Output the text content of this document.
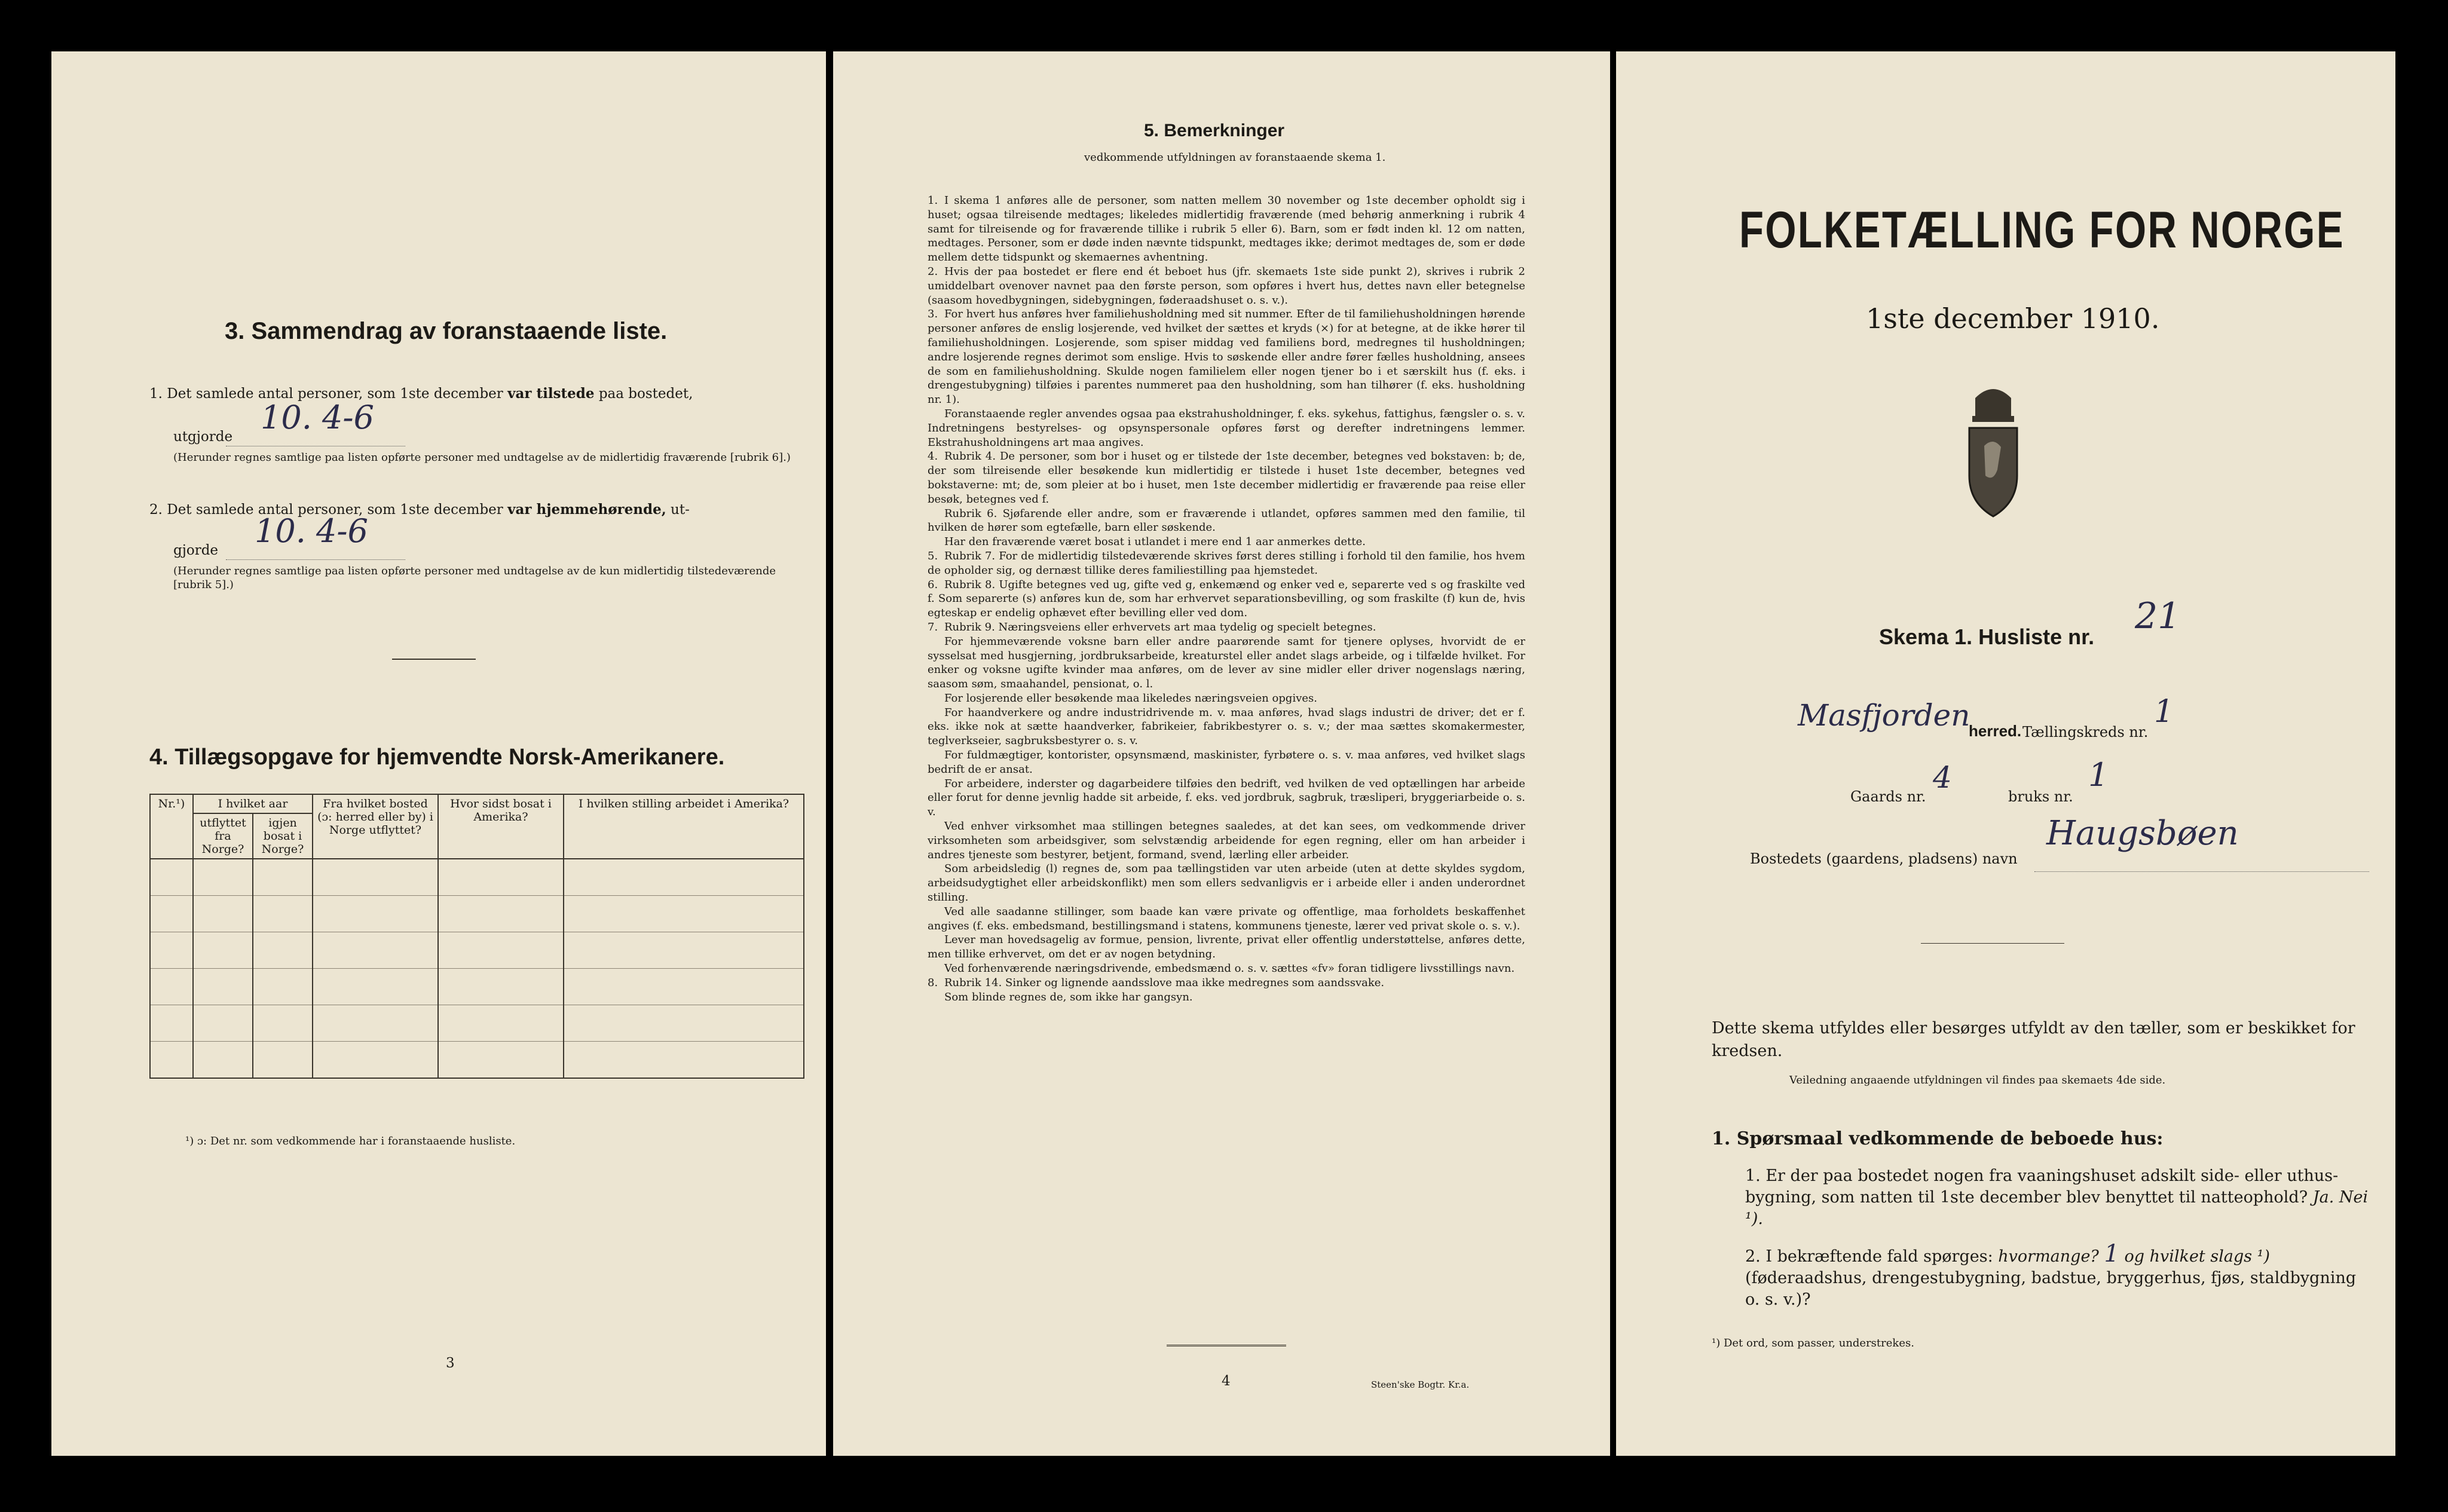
3. Sammendrag av foranstaaende liste.
1. Det samlede antal personer, som 1ste december var tilstede paa bostedet,
utgjorde
10. 4-6
(Herunder regnes samtlige paa listen opførte personer med undtagelse av de midlertidig fraværende [rubrik 6].)
2. Det samlede antal personer, som 1ste december var hjemmehørende, ut-
gjorde
10. 4-6
(Herunder regnes samtlige paa listen opførte personer med undtagelse av de kun midlertidig tilstedeværende [rubrik 5].)
4. Tillægsopgave for hjemvendte Norsk-Amerikanere.
Nr.¹)	I hvilket aar		Fra hvilket bosted (ɔ: herred eller by) i Norge utflyttet?	Hvor sidst bosat i Amerika?	I hvilken stilling arbeidet i Amerika?
	utflyttet fra Norge?	igjen bosat i Norge?			

¹) ɔ: Det nr. som vedkommende har i foranstaaende husliste.
3
5. Bemerkninger
vedkommende utfyldningen av foranstaaende skema 1.

1. I skema 1 anføres alle de personer, som natten mellem 30 november og 1ste december opholdt sig i huset; ogsaa tilreisende medtages; likeledes midlertidig fraværende (med behørig anmerkning i rubrik 4 samt for tilreisende og for fraværende tillike i rubrik 5 eller 6). Barn, som er født inden kl. 12 om natten, medtages. Personer, som er døde inden nævnte tidspunkt, medtages ikke; derimot medtages de, som er døde mellem dette tidspunkt og skemaernes avhentning.

2. Hvis der paa bostedet er flere end ét beboet hus (jfr. skemaets 1ste side punkt 2), skrives i rubrik 2 umiddelbart ovenover navnet paa den første person, som opføres i hvert hus, dettes navn eller betegnelse (saasom hovedbygningen, sidebygningen, føderaadshuset o. s. v.).

3. For hvert hus anføres hver familiehusholdning med sit nummer. Efter de til familiehusholdningen hørende personer anføres de enslig losjerende, ved hvilket der sættes et kryds (×) for at betegne, at de ikke hører til familiehusholdningen. Losjerende, som spiser middag ved familiens bord, medregnes til husholdningen; andre losjerende regnes derimot som enslige. Hvis to søskende eller andre fører fælles husholdning, ansees de som en familiehusholdning. Skulde nogen familielem eller nogen tjener bo i et særskilt hus (f. eks. i drengestubygning) tilføies i parentes nummeret paa den husholdning, som han tilhører (f. eks. husholdning nr. 1).

Foranstaaende regler anvendes ogsaa paa ekstrahusholdninger, f. eks. sykehus, fattighus, fængsler o. s. v. Indretningens bestyrelses- og opsynspersonale opføres først og derefter indretningens lemmer. Ekstrahusholdningens art maa angives.

4. Rubrik 4. De personer, som bor i huset og er tilstede der 1ste december, betegnes ved bokstaven: b; de, der som tilreisende eller besøkende kun midlertidig er tilstede i huset 1ste december, betegnes ved bokstaverne: mt; de, som pleier at bo i huset, men 1ste december midlertidig er fraværende paa reise eller besøk, betegnes ved f.

Rubrik 6. Sjøfarende eller andre, som er fraværende i utlandet, opføres sammen med den familie, til hvilken de hører som egtefælle, barn eller søskende.

Har den fraværende været bosat i utlandet i mere end 1 aar anmerkes dette.

5. Rubrik 7. For de midlertidig tilstedeværende skrives først deres stilling i forhold til den familie, hos hvem de opholder sig, og dernæst tillike deres familiestilling paa hjemstedet.

6. Rubrik 8. Ugifte betegnes ved ug, gifte ved g, enkemænd og enker ved e, separerte ved s og fraskilte ved f. Som separerte (s) anføres kun de, som har erhvervet separationsbevilling, og som fraskilte (f) kun de, hvis egteskap er endelig ophævet efter bevilling eller ved dom.

7. Rubrik 9. Næringsveiens eller erhvervets art maa tydelig og specielt betegnes.

For hjemmeværende voksne barn eller andre paarørende samt for tjenere oplyses, hvorvidt de er sysselsat med husgjerning, jordbruksarbeide, kreaturstel eller andet slags arbeide, og i tilfælde hvilket. For enker og voksne ugifte kvinder maa anføres, om de lever av sine midler eller driver nogenslags næring, saasom søm, smaahandel, pensionat, o. l.

For losjerende eller besøkende maa likeledes næringsveien opgives.

For haandverkere og andre industridrivende m. v. maa anføres, hvad slags industri de driver; det er f. eks. ikke nok at sætte haandverker, fabrikeier, fabrikbestyrer o. s. v.; der maa sættes skomakermester, teglverkseier, sagbruksbestyrer o. s. v.

For fuldmægtiger, kontorister, opsynsmænd, maskinister, fyrbøtere o. s. v. maa anføres, ved hvilket slags bedrift de er ansat.

For arbeidere, inderster og dagarbeidere tilføies den bedrift, ved hvilken de ved optællingen har arbeide eller forut for denne jevnlig hadde sit arbeide, f. eks. ved jordbruk, sagbruk, træsliperi, bryggeriarbeide o. s. v.

Ved enhver virksomhet maa stillingen betegnes saaledes, at det kan sees, om vedkommende driver virksomheten som arbeidsgiver, som selvstændig arbeidende for egen regning, eller om han arbeider i andres tjeneste som bestyrer, betjent, formand, svend, lærling eller arbeider.

Som arbeidsledig (l) regnes de, som paa tællingstiden var uten arbeide (uten at dette skyldes sygdom, arbeidsudygtighet eller arbeidskonflikt) men som ellers sedvanligvis er i arbeide eller i anden underordnet stilling.

Ved alle saadanne stillinger, som baade kan være private og offentlige, maa forholdets beskaffenhet angives (f. eks. embedsmand, bestillingsmand i statens, kommunens tjeneste, lærer ved privat skole o. s. v.).

Lever man hovedsagelig av formue, pension, livrente, privat eller offentlig understøttelse, anføres dette, men tillike erhvervet, om det er av nogen betydning.

Ved forhenværende næringsdrivende, embedsmænd o. s. v. sættes «fv» foran tidligere livsstillings navn.

8. Rubrik 14. Sinker og lignende aandsslove maa ikke medregnes som aandssvake.

Som blinde regnes de, som ikke har gangsyn.

4	Steen'ske Bogtr. Kr.a.
FOLKETÆLLING FOR NORGE
1ste december 1910.
Skema 1. Husliste nr. 21
Masfjorden
herred. Tællingskreds nr.
1
Gaards nr.
4
bruks nr.
1
Bostedets (gaardens, pladsens) navn
Haugsbøen
Dette skema utfyldes eller besørges utfyldt av den tæller, som er beskikket for kredsen.
Veiledning angaaende utfyldningen vil findes paa skemaets 4de side.
1. Spørsmaal vedkommende de beboede hus:
1. Er der paa bostedet nogen fra vaaningshuset adskilt side- eller uthus-bygning, som natten til 1ste december blev benyttet til natteophold? Ja. Nei ¹).
2. I bekræftende fald spørges: hvormange? 1 og hvilket slags ¹) (føderaadshus, drengestubygning, badstue, bryggerhus, fjøs, staldbygning o. s. v.)?
¹) Det ord, som passer, understrekes.
